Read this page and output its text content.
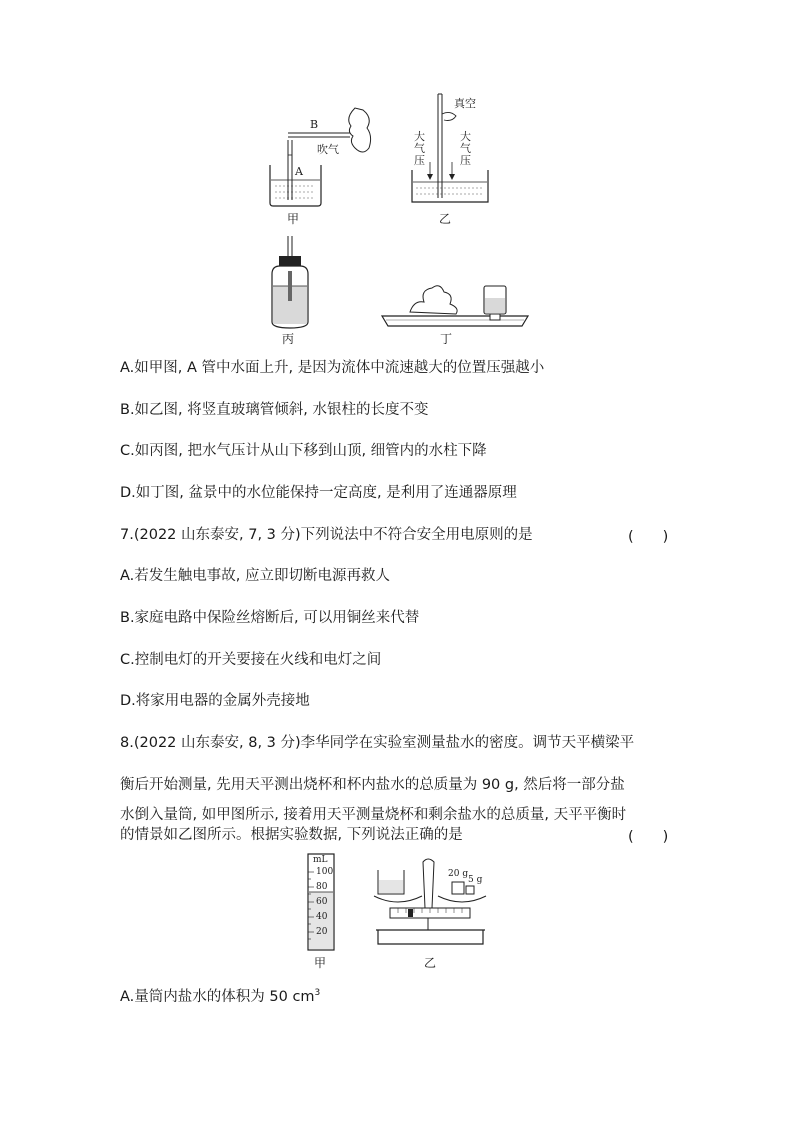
B
A
吹气
甲
真空
大
气
压
大
气
压
乙
丙	丁
A.如甲图, A 管中水面上升, 是因为流体中流速越大的位置压强越小
B.如乙图, 将竖直玻璃管倾斜, 水银柱的长度不变
C.如丙图, 把水气压计从山下移到山顶, 细管内的水柱下降
D.如丁图, 盆景中的水位能保持一定高度, 是利用了连通器原理
7.(2022 山东泰安, 7, 3 分)下列说法中不符合安全用电原则的是	(　　)
A.若发生触电事故, 应立即切断电源再救人
B.家庭电路中保险丝熔断后, 可以用铜丝来代替
C.控制电灯的开关要接在火线和电灯之间
D.将家用电器的金属外壳接地
8.(2022 山东泰安, 8, 3 分)李华同学在实验室测量盐水的密度。调节天平横梁平
衡后开始测量, 先用天平测出烧杯和杯内盐水的总质量为 90 g, 然后将一部分盐
水倒入量筒, 如甲图所示, 接着用天平测量烧杯和剩余盐水的总质量, 天平平衡时
的情景如乙图所示。根据实验数据, 下列说法正确的是	(　　)
mL
100
80
60
40
20
甲
20 g
5 g
乙
A.量筒内盐水的体积为 50 $cm^3$
